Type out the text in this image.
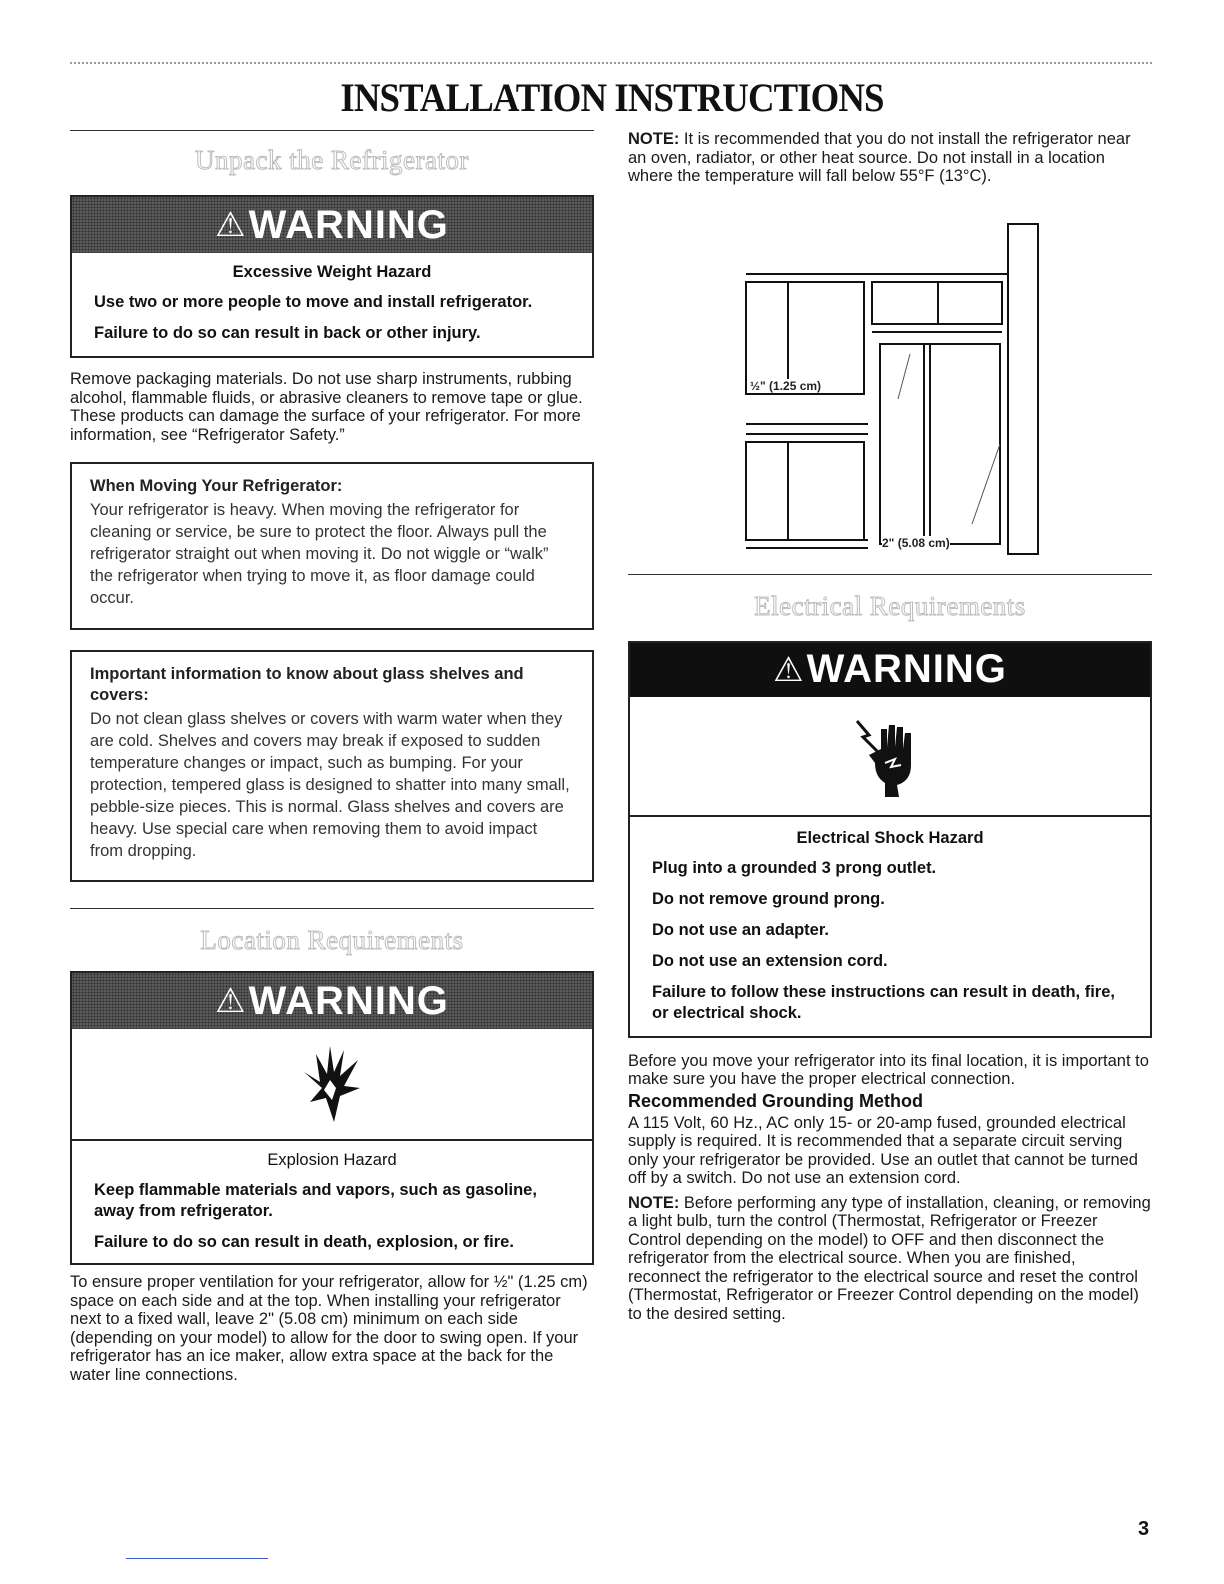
INSTALLATION INSTRUCTIONS
Unpack the Refrigerator
⚠ WARNING
Excessive Weight Hazard
Use two or more people to move and install refrigerator.
Failure to do so can result in back or other injury.

Remove packaging materials. Do not use sharp instruments, rubbing alcohol, flammable fluids, or abrasive cleaners to remove tape or glue. These products can damage the surface of your refrigerator. For more information, see “Refrigerator Safety.”

When Moving Your Refrigerator:
Your refrigerator is heavy. When moving the refrigerator for cleaning or service, be sure to protect the floor. Always pull the refrigerator straight out when moving it. Do not wiggle or “walk” the refrigerator when trying to move it, as floor damage could occur.
Important information to know about glass shelves and covers:
Do not clean glass shelves or covers with warm water when they are cold. Shelves and covers may break if exposed to sudden temperature changes or impact, such as bumping. For your protection, tempered glass is designed to shatter into many small, pebble-size pieces. This is normal. Glass shelves and covers are heavy. Use special care when removing them to avoid impact from dropping.
Location Requirements
⚠ WARNING
Explosion Hazard
Keep flammable materials and vapors, such as gasoline, away from refrigerator.
Failure to do so can result in death, explosion, or fire.

To ensure proper ventilation for your refrigerator, allow for ½" (1.25 cm) space on each side and at the top. When installing your refrigerator next to a fixed wall, leave 2" (5.08 cm) minimum on each side (depending on your model) to allow for the door to swing open. If your refrigerator has an ice maker, allow extra space at the back for the water line connections.

NOTE: It is recommended that you do not install the refrigerator near an oven, radiator, or other heat source. Do not install in a location where the temperature will fall below 55°F (13°C).

½" (1.25 cm)
2" (5.08 cm)
Electrical Requirements
⚠ WARNING
Electrical Shock Hazard
Plug into a grounded 3 prong outlet.
Do not remove ground prong.
Do not use an adapter.
Do not use an extension cord.
Failure to follow these instructions can result in death, fire, or electrical shock.

Before you move your refrigerator into its final location, it is important to make sure you have the proper electrical connection.

Recommended Grounding Method

A 115 Volt, 60 Hz., AC only 15- or 20-amp fused, grounded electrical supply is required. It is recommended that a separate circuit serving only your refrigerator be provided. Use an outlet that cannot be turned off by a switch. Do not use an extension cord.

NOTE: Before performing any type of installation, cleaning, or removing a light bulb, turn the control (Thermostat, Refrigerator or Freezer Control depending on the model) to OFF and then disconnect the refrigerator from the electrical source. When you are finished, reconnect the refrigerator to the electrical source and reset the control (Thermostat, Refrigerator or Freezer Control depending on the model) to the desired setting.

3
